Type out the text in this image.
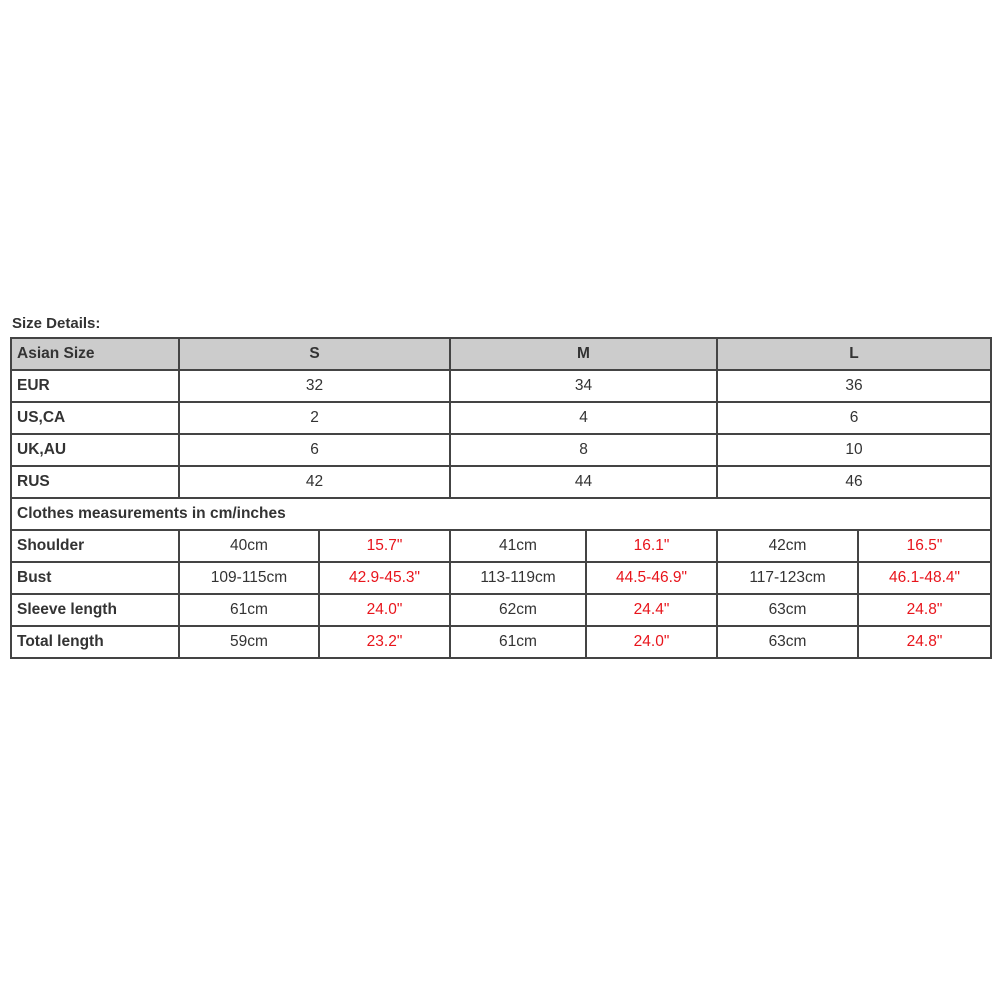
Size Details:
Asian Size	S		M		L	
EUR	32		34		36	
US,CA	2		4		6	
UK,AU	6		8		10	
RUS	42		44		46	
Clothes measurements in cm/inches						
Shoulder	40cm	15.7"	41cm	16.1"	42cm	16.5"
Bust	109-115cm	42.9-45.3"	113-119cm	44.5-46.9"	117-123cm	46.1-48.4"
Sleeve length	61cm	24.0"	62cm	24.4"	63cm	24.8"
Total length	59cm	23.2"	61cm	24.0"	63cm	24.8"
